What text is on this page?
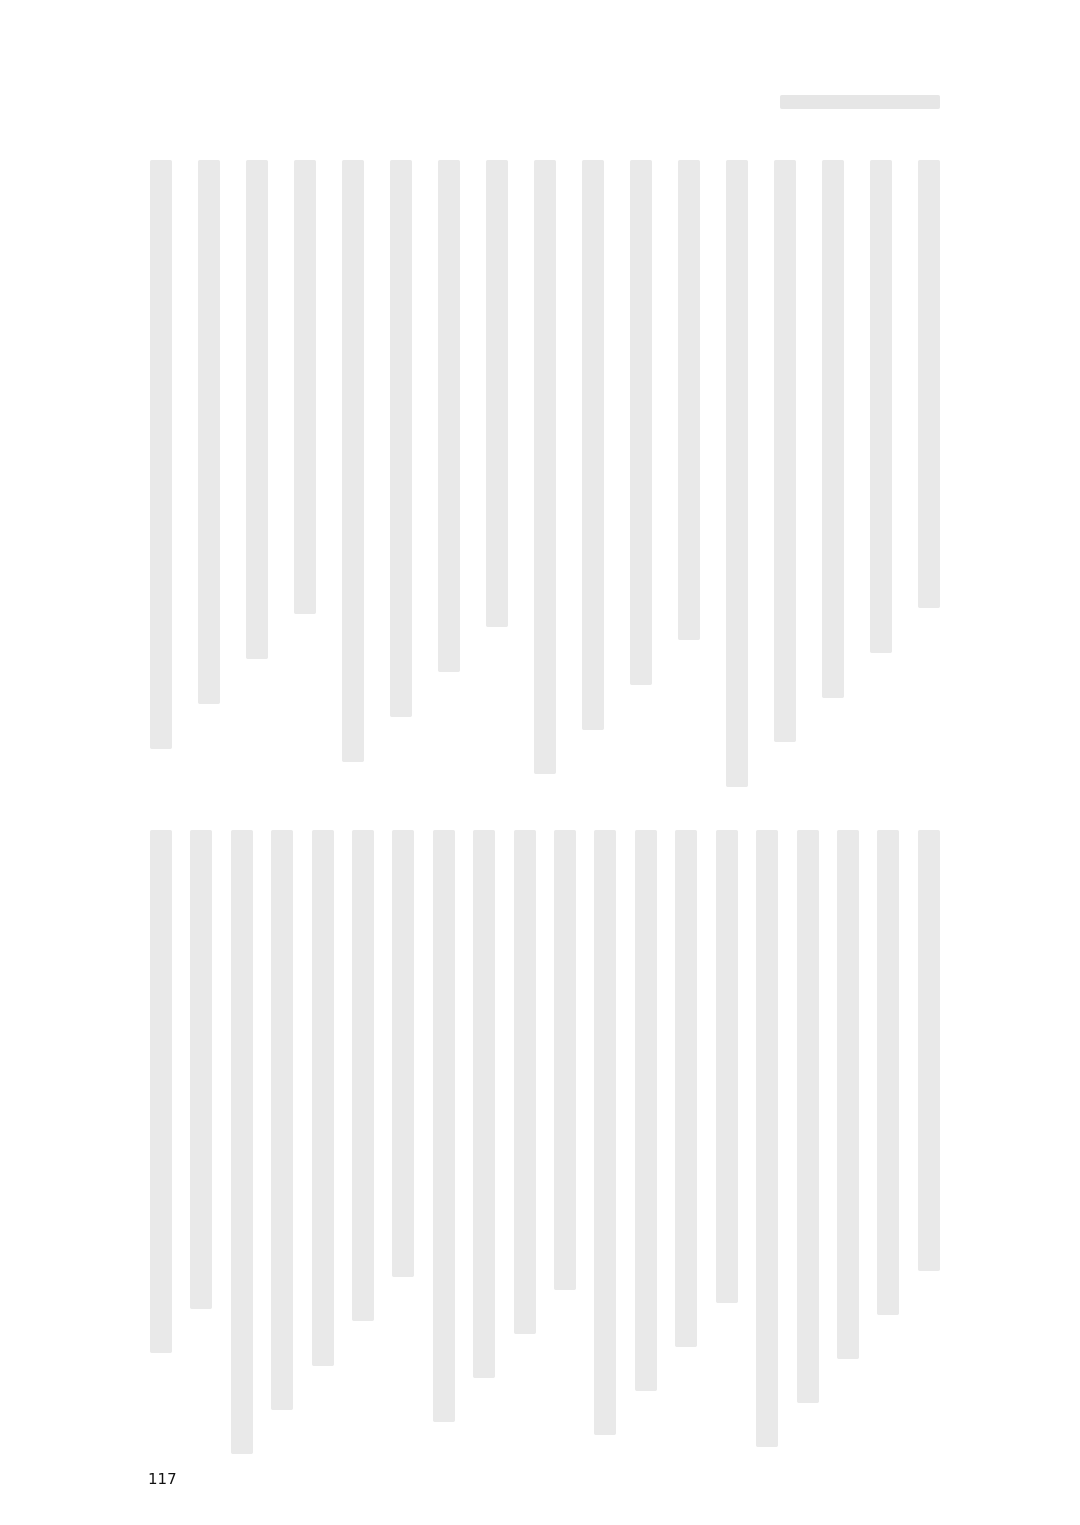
117
